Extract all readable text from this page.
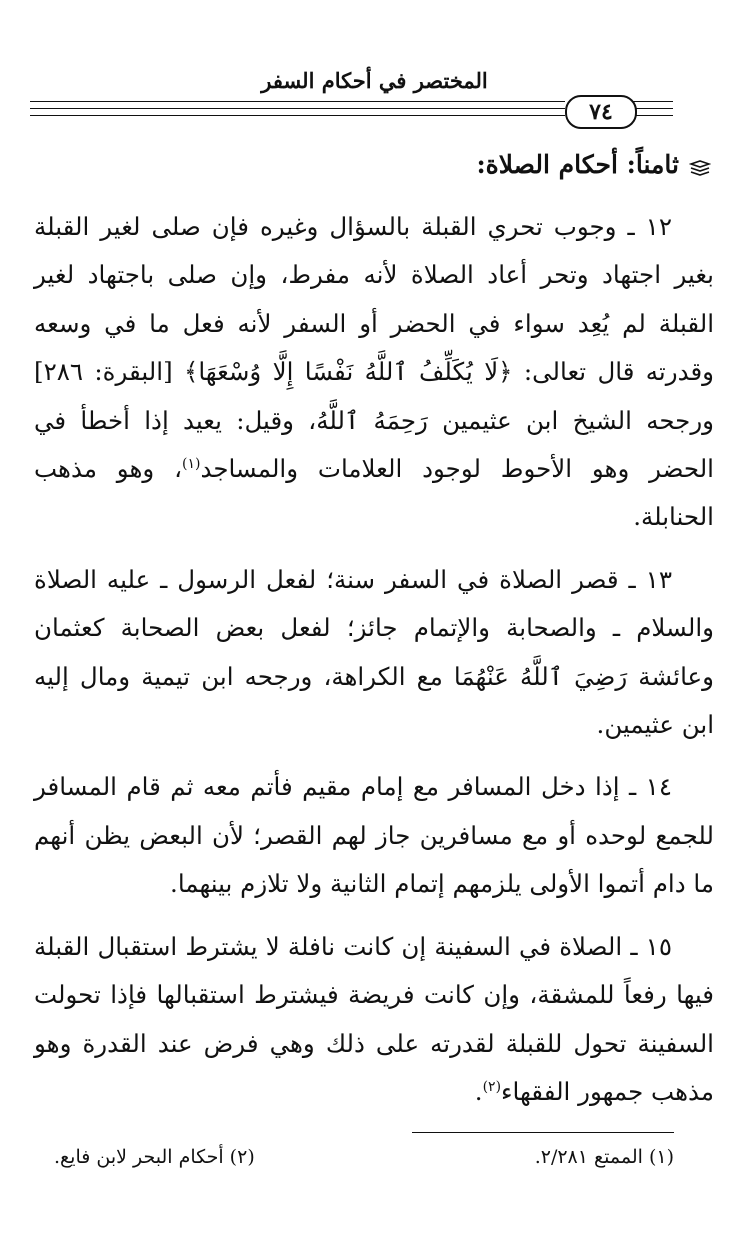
المختصر في أحكام السفر
٧٤
ثامناً: أحكام الصلاة:

١٢ ـ وجوب تحري القبلة بالسؤال وغيره فإن صلى لغير القبلة بغير اجتهاد وتحر أعاد الصلاة لأنه مفرط، وإن صلى باجتهاد لغير القبلة لم يُعِد سواء في الحضر أو السفر لأنه فعل ما في وسعه وقدرته قال تعالى: ﴿لَا يُكَلِّفُ ٱللَّهُ نَفْسًا إِلَّا وُسْعَهَا﴾ [البقرة: ٢٨٦] ورجحه الشيخ ابن عثيمين رَحِمَهُ ٱللَّهُ، وقيل: يعيد إذا أخطأ في الحضر وهو الأحوط لوجود العلامات والمساجد$^{(١)}$، وهو مذهب الحنابلة.

١٣ ـ قصر الصلاة في السفر سنة؛ لفعل الرسول ـ عليه الصلاة والسلام ـ والصحابة والإتمام جائز؛ لفعل بعض الصحابة كعثمان وعائشة رَضِيَ ٱللَّهُ عَنْهُمَا مع الكراهة، ورجحه ابن تيمية ومال إليه ابن عثيمين.

١٤ ـ إذا دخل المسافر مع إمام مقيم فأتم معه ثم قام المسافر للجمع لوحده أو مع مسافرين جاز لهم القصر؛ لأن البعض يظن أنهم ما دام أتموا الأولى يلزمهم إتمام الثانية ولا تلازم بينهما.

١٥ ـ الصلاة في السفينة إن كانت نافلة لا يشترط استقبال القبلة فيها رفعاً للمشقة، وإن كانت فريضة فيشترط استقبالها فإذا تحولت السفينة تحول للقبلة لقدرته على ذلك وهي فرض عند القدرة وهو مذهب جمهور الفقهاء$^{(٢)}$.

(١) الممتع ٢/٢٨١.
(٢) أحكام البحر لابن فايع.
